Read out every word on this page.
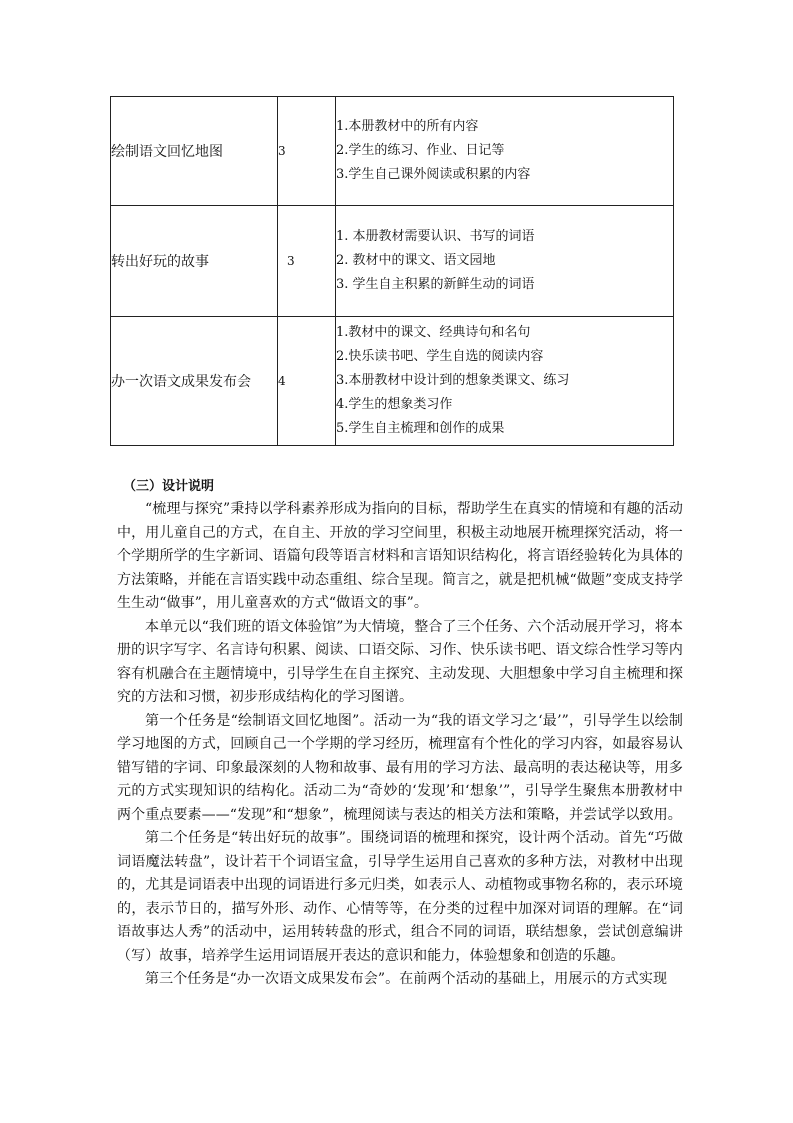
绘制语文回忆地图	3	1.本册教材中的所有内容
2.学生的练习、作业、日记等
3.学生自己课外阅读或积累的内容

转出好玩的故事	3	1. 本册教材需要认识、书写的词语
2. 教材中的课文、语文园地
3. 学生自主积累的新鲜生动的词语

办一次语文成果发布会	4	1.教材中的课文、经典诗句和名句
2.快乐读书吧、学生自选的阅读内容
3.本册教材中设计到的想象类课文、练习
4.学生的想象类习作
5.学生自主梳理和创作的成果
（三）设计说明

“梳理与探究”秉持以学科素养形成为指向的目标，帮助学生在真实的情境和有趣的活动中，用儿童自己的方式，在自主、开放的学习空间里，积极主动地展开梳理探究活动，将一个学期所学的生字新词、语篇句段等语言材料和言语知识结构化，将言语经验转化为具体的方法策略，并能在言语实践中动态重组、综合呈现。简言之，就是把机械“做题”变成支持学生生动“做事”，用儿童喜欢的方式“做语文的事”。

本单元以“我们班的语文体验馆”为大情境，整合了三个任务、六个活动展开学习，将本册的识字写字、名言诗句积累、阅读、口语交际、习作、快乐读书吧、语文综合性学习等内容有机融合在主题情境中，引导学生在自主探究、主动发现、大胆想象中学习自主梳理和探究的方法和习惯，初步形成结构化的学习图谱。

第一个任务是“绘制语文回忆地图”。活动一为“我的语文学习之‘最’”，引导学生以绘制学习地图的方式，回顾自己一个学期的学习经历，梳理富有个性化的学习内容，如最容易认错写错的字词、印象最深刻的人物和故事、最有用的学习方法、最高明的表达秘诀等，用多元的方式实现知识的结构化。活动二为“奇妙的‘发现’和‘想象’”，引导学生聚焦本册教材中两个重点要素——“发现”和“想象”，梳理阅读与表达的相关方法和策略，并尝试学以致用。

第二个任务是“转出好玩的故事”。围绕词语的梳理和探究，设计两个活动。首先“巧做词语魔法转盘”，设计若干个词语宝盒，引导学生运用自己喜欢的多种方法，对教材中出现的，尤其是词语表中出现的词语进行多元归类，如表示人、动植物或事物名称的，表示环境的，表示节日的，描写外形、动作、心情等等，在分类的过程中加深对词语的理解。在“词语故事达人秀”的活动中，运用转转盘的形式，组合不同的词语，联结想象，尝试创意编讲（写）故事，培养学生运用词语展开表达的意识和能力，体验想象和创造的乐趣。

第三个任务是“办一次语文成果发布会”。在前两个活动的基础上，用展示的方式实现
